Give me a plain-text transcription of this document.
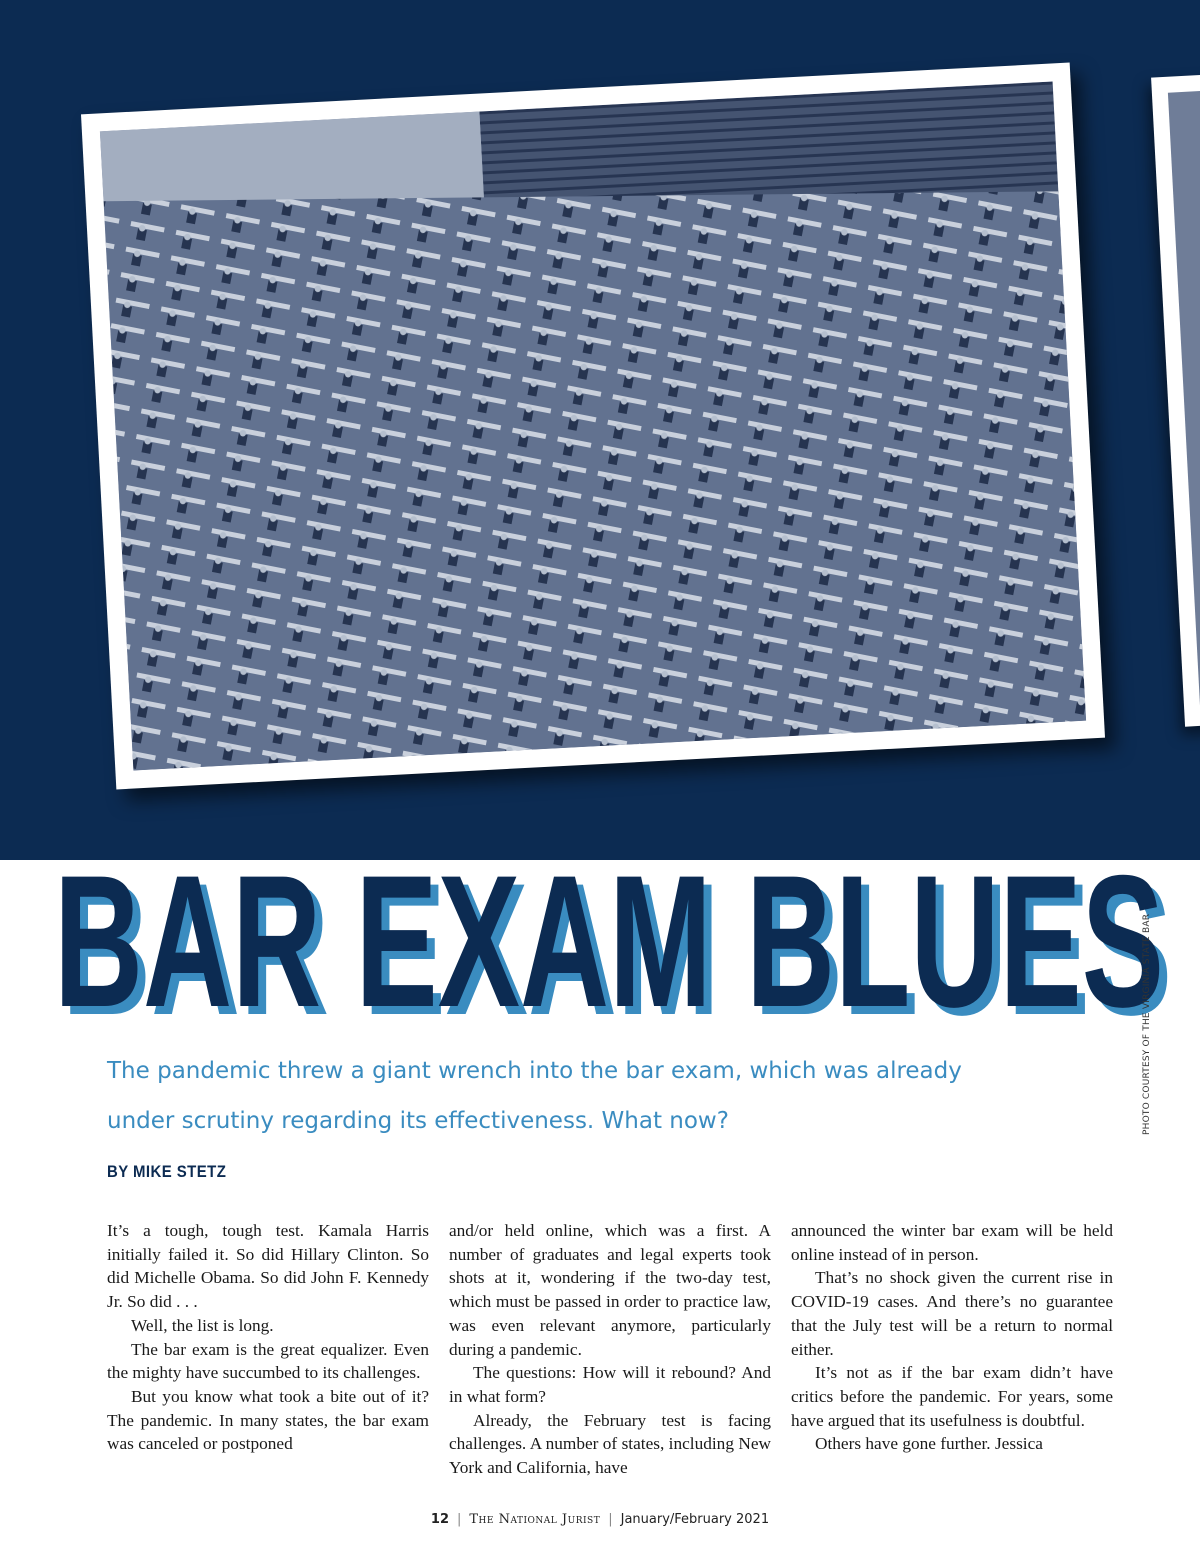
BAR EXAM BLUES
BAR EXAM BLUES
The pandemic threw a giant wrench into the bar exam, which was already under scrutiny regarding its effectiveness. What now?
BY MIKE STETZ

It’s a tough, tough test. Kamala Harris initially failed it. So did Hillary Clinton. So did Michelle Obama. So did John F. Kennedy Jr. So did . . .

Well, the list is long.

The bar exam is the great equalizer. Even the mighty have succumbed to its challenges.

But you know what took a bite out of it? The pandemic. In many states, the bar exam was canceled or postponed

and/or held online, which was a first. A number of graduates and legal experts took shots at it, wondering if the two-day test, which must be passed in order to practice law, was even relevant anymore, particularly during a pandemic.

The questions: How will it rebound? And in what form?

Already, the February test is facing challenges. A number of states, including New York and California, have

announced the winter bar exam will be held online instead of in person.

That’s no shock given the current rise in COVID-19 cases. And there’s no guarantee that the July test will be a return to normal either.

It’s not as if the bar exam didn’t have critics before the pandemic. For years, some have argued that its usefulness is doubtful.

Others have gone further. Jessica

PHOTO COURTESY OF THE VIRGINIA STATE BAR
12 | The National Jurist | January/February 2021
